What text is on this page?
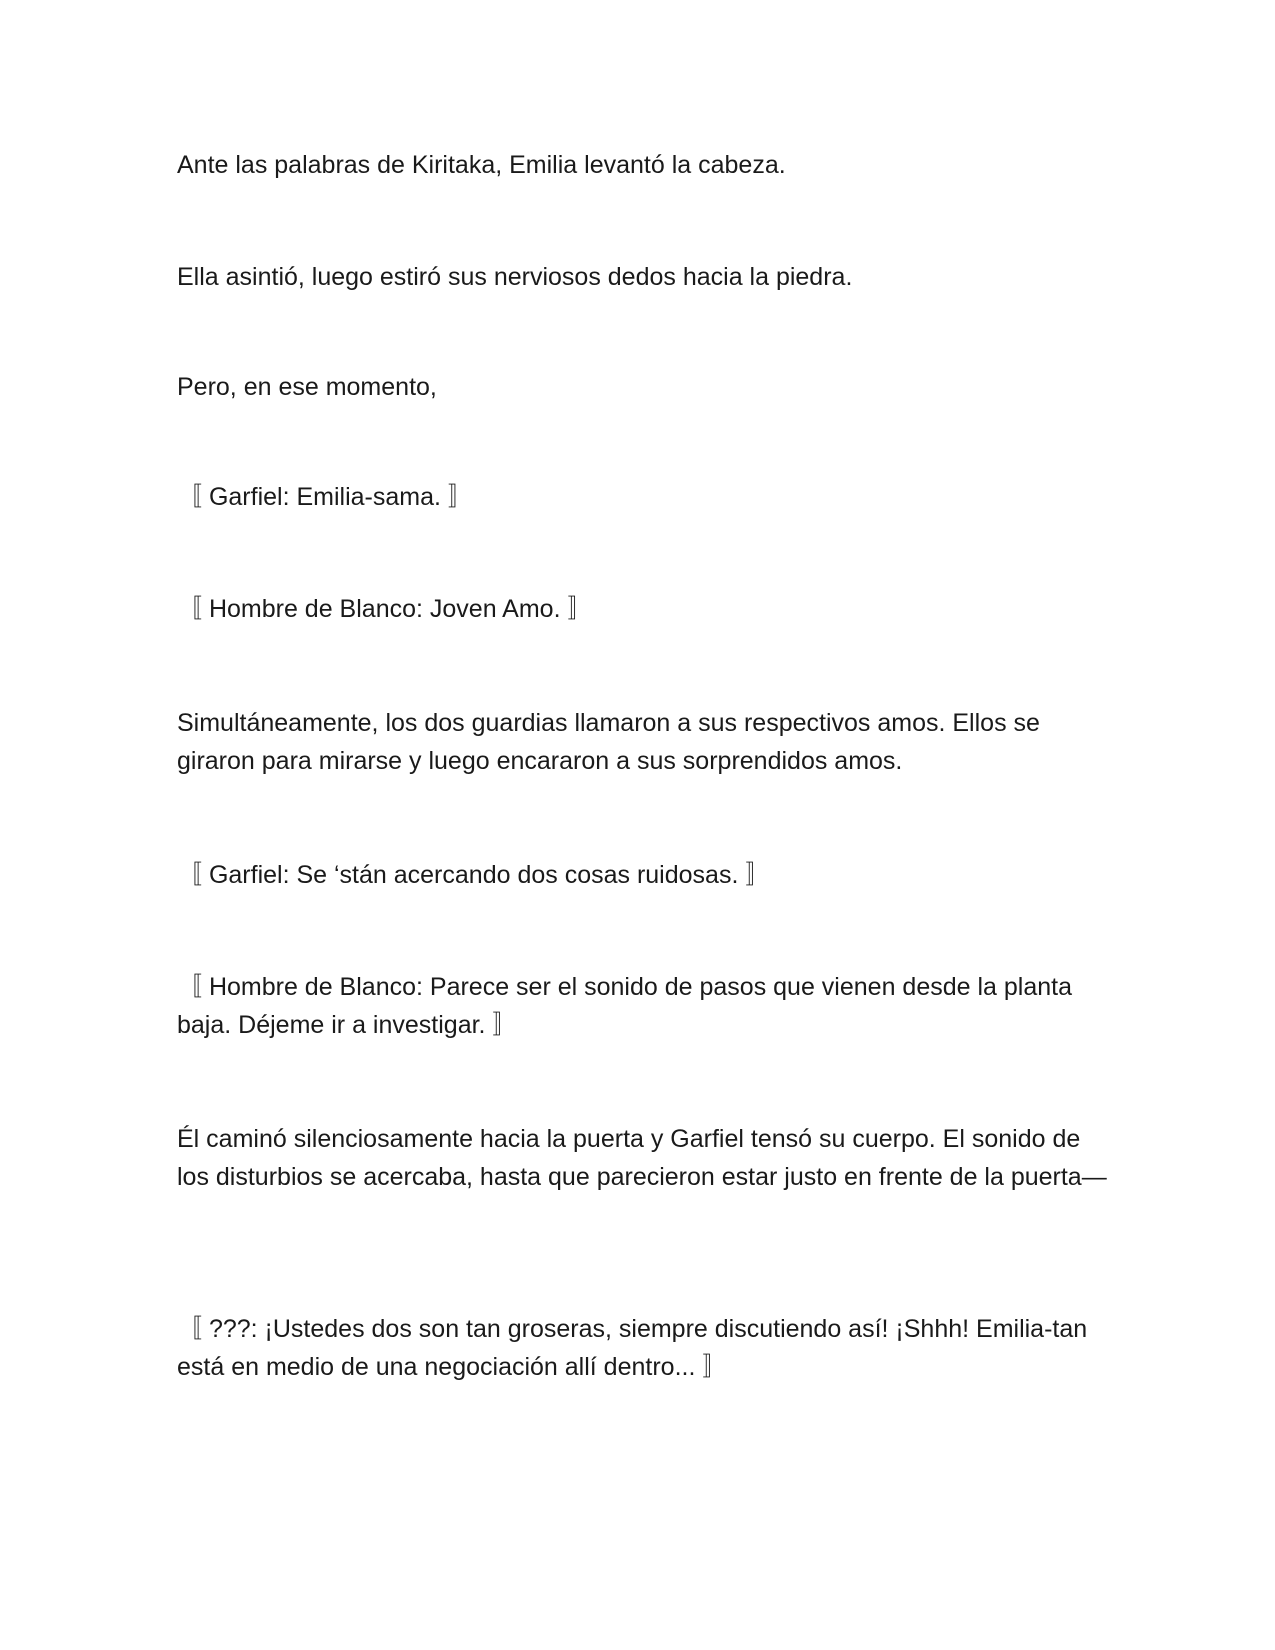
Ante las palabras de Kiritaka, Emilia levantó la cabeza.

Ella asintió, luego estiró sus nerviosos dedos hacia la piedra.

Pero, en ese momento,

〚 Garfiel: Emilia-sama. 〛

〚 Hombre de Blanco: Joven Amo. 〛

Simultáneamente, los dos guardias llamaron a sus respectivos amos. Ellos se giraron para mirarse y luego encararon a sus sorprendidos amos.

〚 Garfiel: Se ‘stán acercando dos cosas ruidosas. 〛

〚 Hombre de Blanco: Parece ser el sonido de pasos que vienen desde la planta baja. Déjeme ir a investigar. 〛

Él caminó silenciosamente hacia la puerta y Garfiel tensó su cuerpo. El sonido de los disturbios se acercaba, hasta que parecieron estar justo en frente de la puerta—

〚 ???: ¡Ustedes dos son tan groseras, siempre discutiendo así! ¡Shhh! Emilia-tan está en medio de una negociación allí dentro... 〛
